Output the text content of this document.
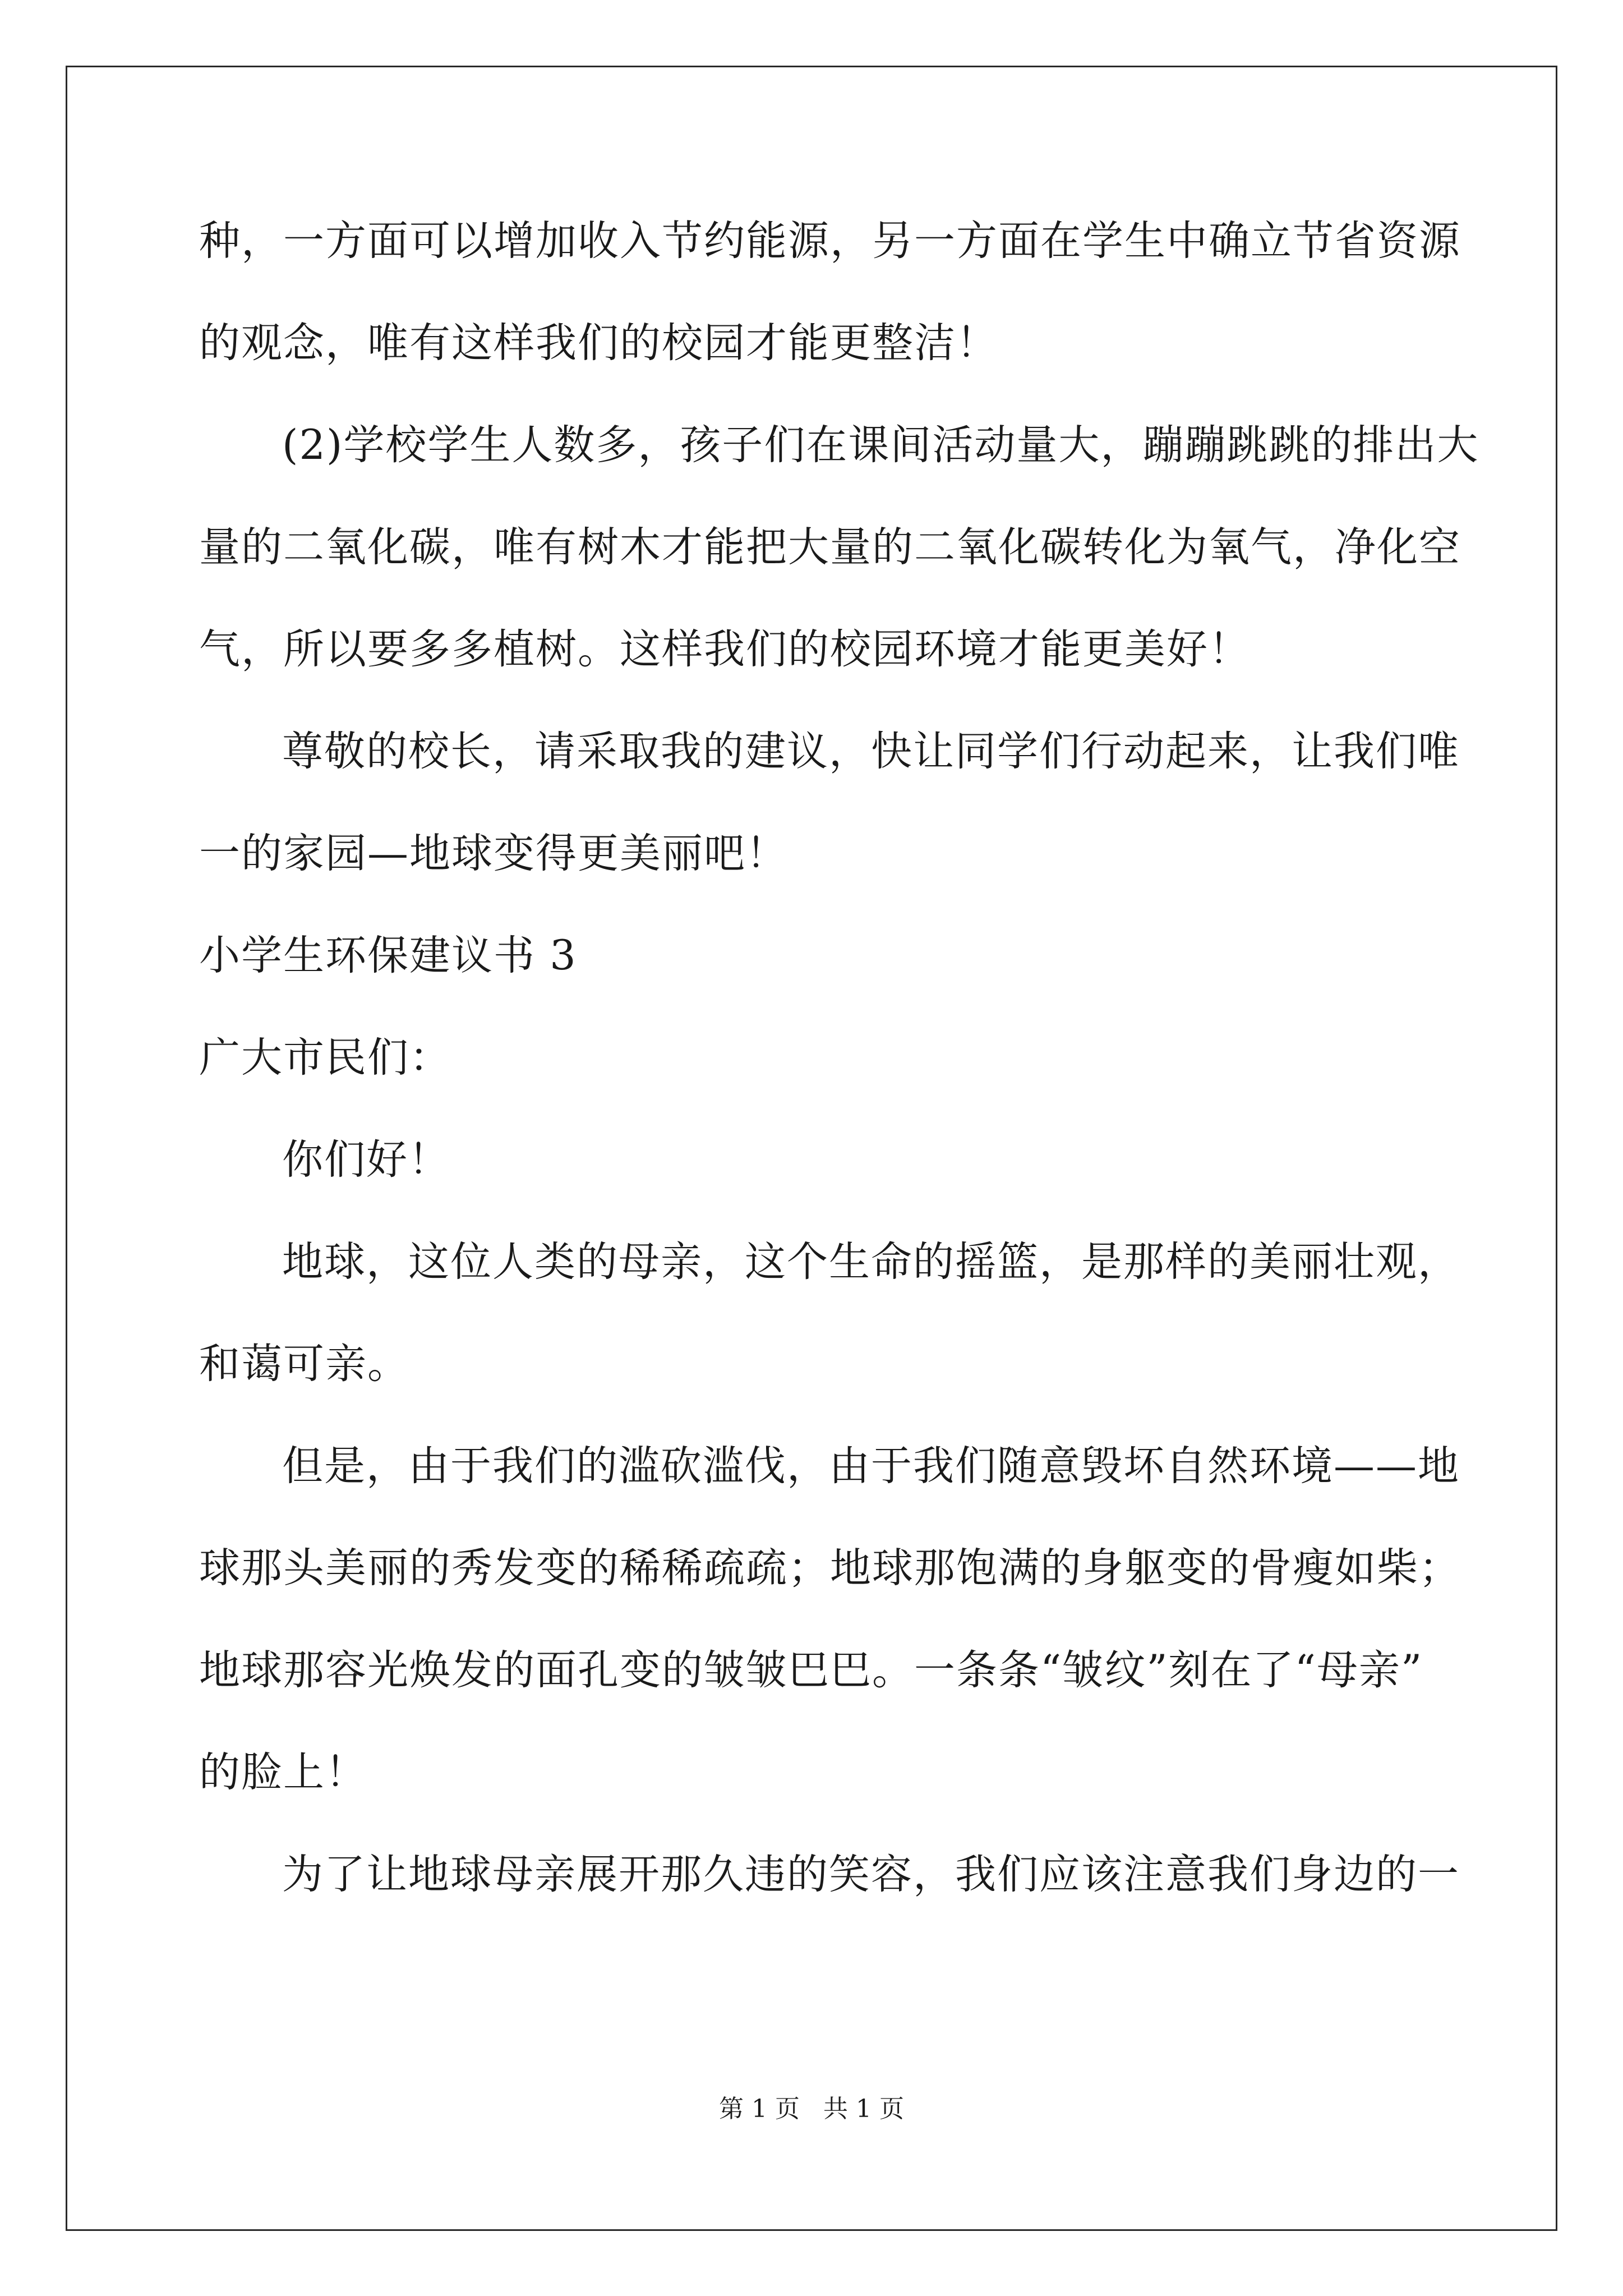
种，一方面可以增加收入节约能源，另一方面在学生中确立节省资源
的观念，唯有这样我们的校园才能更整洁！
(2)学校学生人数多，孩子们在课间活动量大，蹦蹦跳跳的排出大
量的二氧化碳，唯有树木才能把大量的二氧化碳转化为氧气，净化空
气，所以要多多植树。这样我们的校园环境才能更美好！
尊敬的校长，请采取我的建议，快让同学们行动起来，让我们唯
一的家园—地球变得更美丽吧！
小学生环保建议书 3
广大市民们：
你们好！
地球，这位人类的母亲，这个生命的摇篮，是那样的美丽壮观，
和蔼可亲。
但是，由于我们的滥砍滥伐，由于我们随意毁坏自然环境——地
球那头美丽的秀发变的稀稀疏疏；地球那饱满的身躯变的骨瘦如柴；
地球那容光焕发的面孔变的皱皱巴巴。一条条“皱纹”刻在了“母亲”
的脸上！
为了让地球母亲展开那久违的笑容，我们应该注意我们身边的一
第 1 页   共 1 页
